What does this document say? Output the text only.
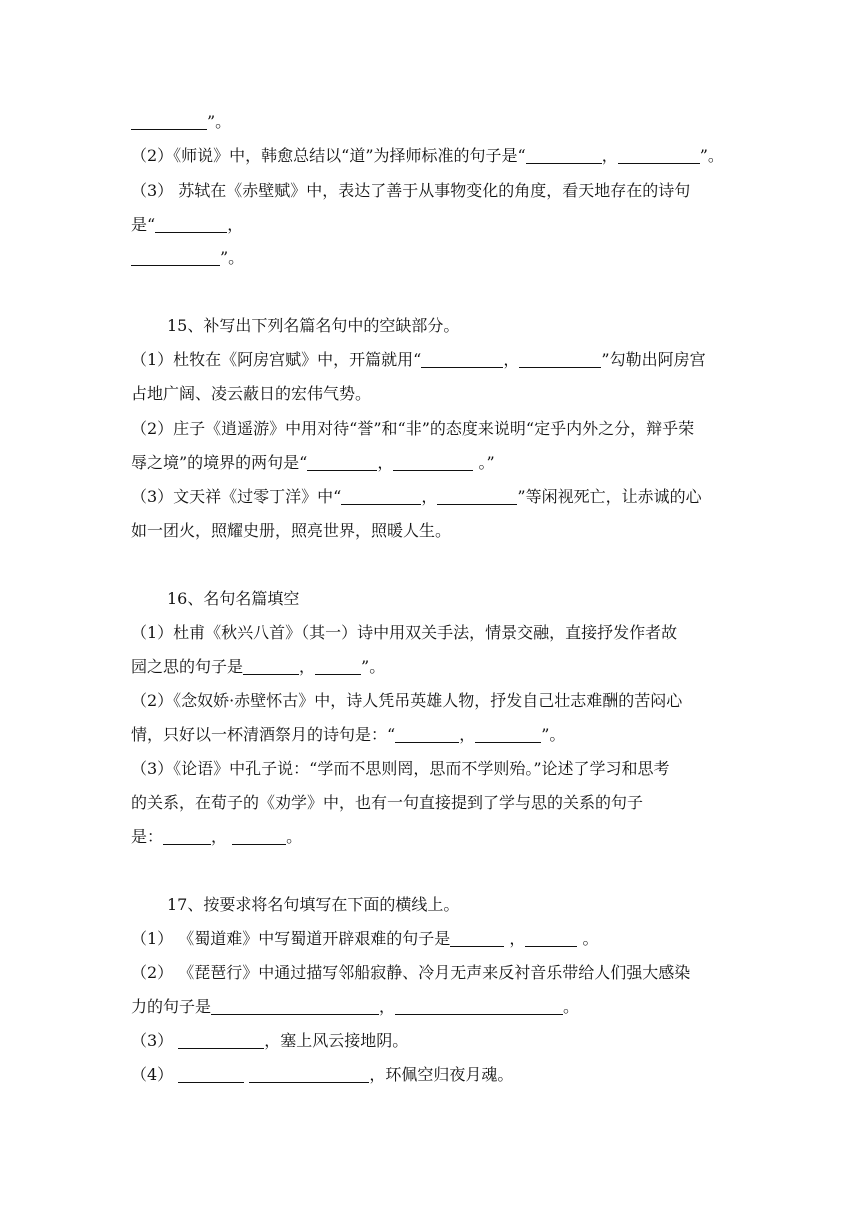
”。
（2）《师说》中，韩愈总结以“道”为择师标准的句子是“	，	”。
（3） 苏轼在《赤壁赋》中，表达了善于从事物变化的角度，看天地存在的诗句
是“	，
”。
15、补写出下列名篇名句中的空缺部分。
（1）杜牧在《阿房宫赋》中，开篇就用“	，	”勾勒出阿房宫
占地广阔、凌云蔽日的宏伟气势。
（2）庄子《逍遥游》中用对待“誉”和“非”的态度来说明“定乎内外之分，辩乎荣
辱之境”的境界的两句是“	，	。”
（3）文天祥《过零丁洋》中“	，	”等闲视死亡，让赤诚的心
如一团火，照耀史册，照亮世界，照暖人生。
16、名句名篇填空
（1）杜甫《秋兴八首》（其一）诗中用双关手法，情景交融，直接抒发作者故
园之思的句子是	，	”。
（2）《念奴娇·赤壁怀古》中，诗人凭吊英雄人物，抒发自己壮志难酬的苦闷心
情，只好以一杯清酒祭月的诗句是：“	，	”。
（3）《论语》中孔子说：“学而不思则罔，思而不学则殆。”论述了学习和思考
的关系，在荀子的《劝学》中，也有一句直接提到了学与思的关系的句子
是：	，	。
17、按要求将名句填写在下面的横线上。
（1） 《蜀道难》中写蜀道开辟艰难的句子是	，	。
（2） 《琵琶行》中通过描写邻船寂静、冷月无声来反衬音乐带给人们强大感染
力的句子是	，	。
（3）	，塞上风云接地阴。
（4）	，环佩空归夜月魂。
